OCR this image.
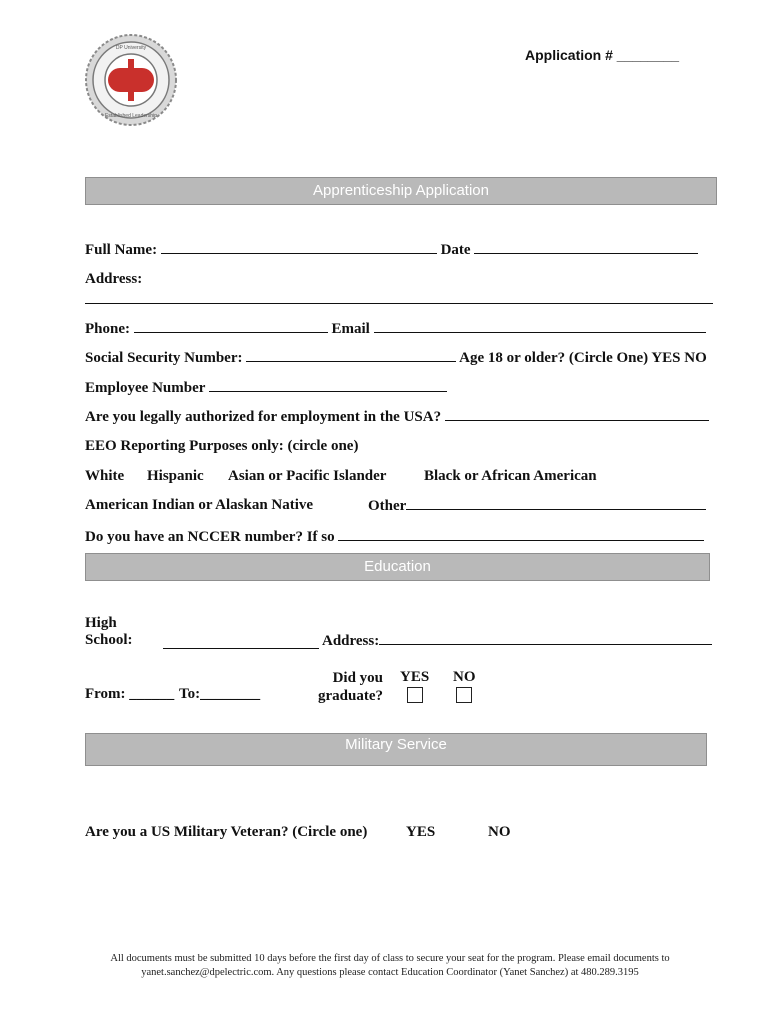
DP University
Established Leadership
Application # ________
Apprenticeship Application
Full Name:	Date
Address:
Phone:	Email
Social Security Number:	Age 18 or older? (Circle One) YES NO
Employee Number
Are you legally authorized for employment in the USA?
EEO Reporting Purposes only: (circle one)
White Hispanic Asian or Pacific Islander	Black or African American
American Indian or Alaskan Native	Other
Do you have an NCCER number? If so
Education
High
School:	Address:
From: ______ To:________
Did you
graduate?
YES NO
Military Service
Are you a US Military Veteran? (Circle one)	YES	NO
All documents must be submitted 10 days before the first day of class to secure your seat for the program. Please email documents to
yanet.sanchez@dpelectric.com. Any questions please contact Education Coordinator (Yanet Sanchez) at 480.289.3195
